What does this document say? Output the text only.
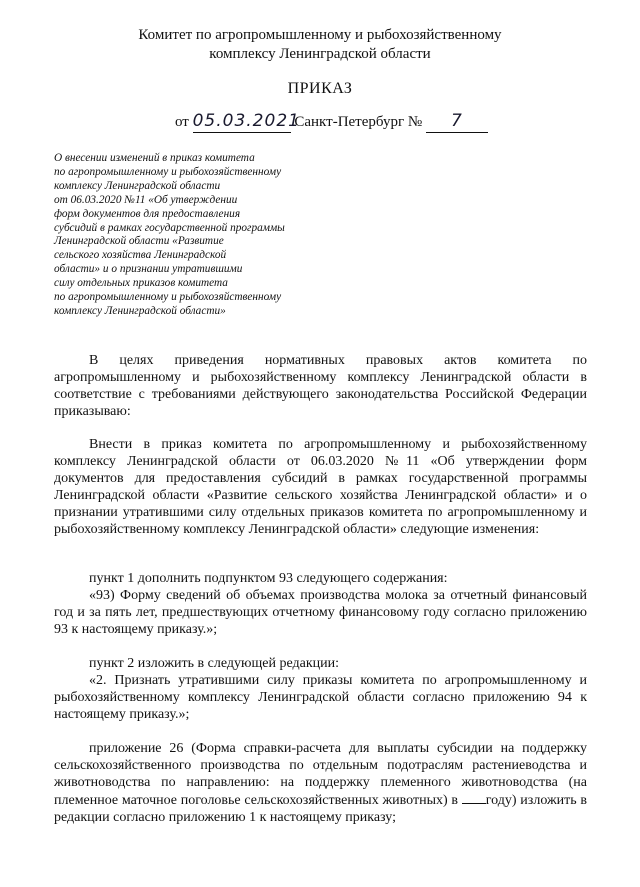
Комитет по агропромышленному и рыбохозяйственному
комплексу Ленинградской области
ПРИКАЗ
от 05.03.2021 Санкт-Петербург № 7
О внесении изменений в приказ комитета
по агропромышленному и рыбохозяйственному
комплексу Ленинградской области
от 06.03.2020 №11 «Об утверждении
форм документов для предоставления
субсидий в рамках государственной программы
Ленинградской области «Развитие
сельского хозяйства Ленинградской
области» и о признании утратившими
силу отдельных приказов комитета
по агропромышленному и рыбохозяйственному
комплексу Ленинградской области»
В целях приведения нормативных правовых актов комитета по агропромышленному и рыбохозяйственному комплексу Ленинградской области в соответствие с требованиями действующего законодательства Российской Федерации приказываю:
Внести в приказ комитета по агропромышленному и рыбохозяйственному комплексу Ленинградской области от 06.03.2020 №11 «Об утверждении форм документов для предоставления субсидий в рамках государственной программы Ленинградской области «Развитие сельского хозяйства Ленинградской области» и о признании утратившими силу отдельных приказов комитета по агропромышленному и рыбохозяйственному комплексу Ленинградской области» следующие изменения:
пункт 1 дополнить подпунктом 93 следующего содержания:
«93) Форму сведений об объемах производства молока за отчетный финансовый год и за пять лет, предшествующих отчетному финансовому году согласно приложению 93 к настоящему приказу.»;
пункт 2 изложить в следующей редакции:
«2. Признать утратившими силу приказы комитета по агропромышленному и рыбохозяйственному комплексу Ленинградской области согласно приложению 94 к настоящему приказу.»;
приложение 26 (Форма справки-расчета для выплаты субсидии на поддержку сельскохозяйственного производства по отдельным подотраслям растениеводства и животноводства по направлению: на поддержку племенного животноводства (на племенное маточное поголовье сельскохозяйственных животных) в году) изложить в редакции согласно приложению 1 к настоящему приказу;
